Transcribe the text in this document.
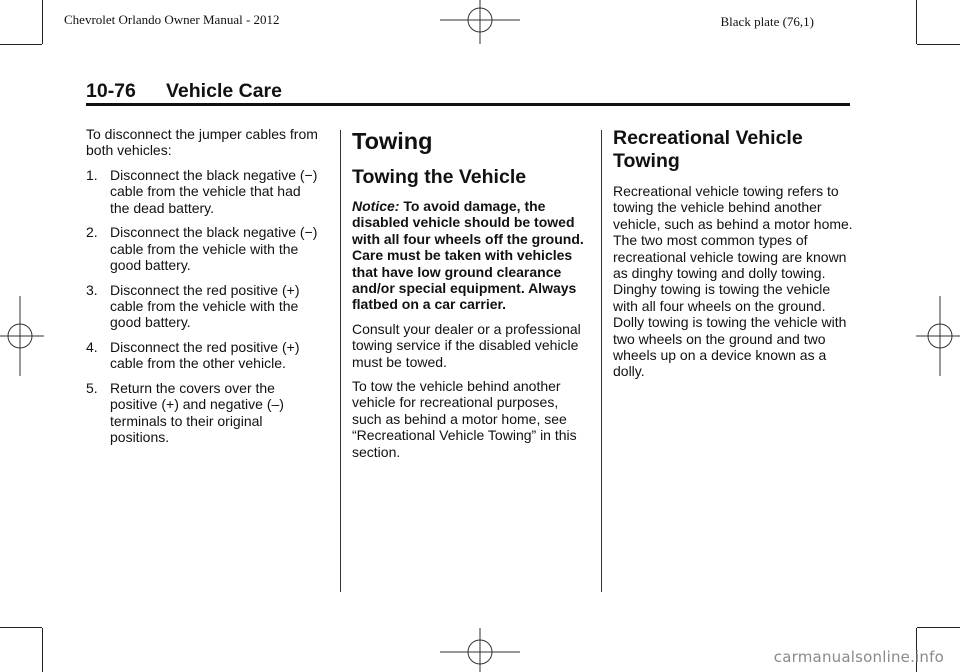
Chevrolet Orlando Owner Manual - 2012	Black plate (76,1)
10-76 Vehicle Care

To disconnect the jumper cables from both vehicles:

1. Disconnect the black negative (−) cable from the vehicle that had the dead battery.
2. Disconnect the black negative (−) cable from the vehicle with the good battery.
3. Disconnect the red positive (+) cable from the vehicle with the good battery.
4. Disconnect the red positive (+) cable from the other vehicle.
5. Return the covers over the positive (+) and negative (–) terminals to their original positions.
Towing
Towing the Vehicle

Notice: To avoid damage, the disabled vehicle should be towed with all four wheels off the ground. Care must be taken with vehicles that have low ground clearance and/or special equipment. Always flatbed on a car carrier.

Consult your dealer or a professional towing service if the disabled vehicle must be towed.

To tow the vehicle behind another vehicle for recreational purposes, such as behind a motor home, see “Recreational Vehicle Towing” in this section.

Recreational Vehicle Towing

Recreational vehicle towing refers to towing the vehicle behind another vehicle, such as behind a motor home. The two most common types of recreational vehicle towing are known as dinghy towing and dolly towing. Dinghy towing is towing the vehicle with all four wheels on the ground. Dolly towing is towing the vehicle with two wheels on the ground and two wheels up on a device known as a dolly.

carmanualsonline.info
